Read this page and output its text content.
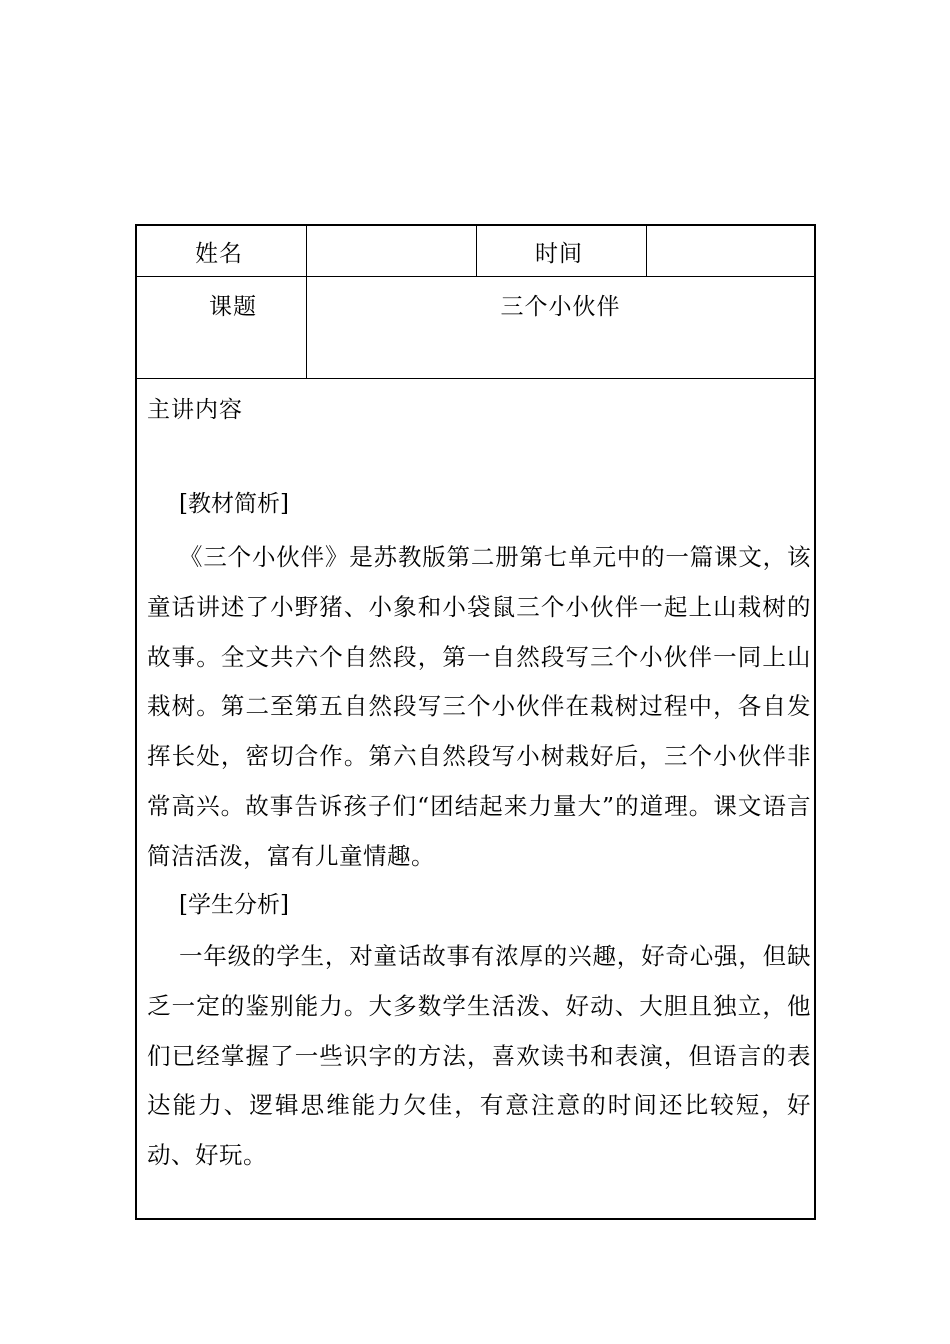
姓名	时间
课题	三个小伙伴
主讲内容
[教材简析]
《三个小伙伴》是苏教版第二册第七单元中的一篇课文，该童话讲述了小野猪、小象和小袋鼠三个小伙伴一起上山栽树的故事。全文共六个自然段，第一自然段写三个小伙伴一同上山栽树。第二至第五自然段写三个小伙伴在栽树过程中，各自发挥长处，密切合作。第六自然段写小树栽好后，三个小伙伴非常高兴。故事告诉孩子们“团结起来力量大”的道理。课文语言简洁活泼，富有儿童情趣。
[学生分析]
一年级的学生，对童话故事有浓厚的兴趣，好奇心强，但缺乏一定的鉴别能力。大多数学生活泼、好动、大胆且独立，他们已经掌握了一些识字的方法，喜欢读书和表演，但语言的表达能力、逻辑思维能力欠佳，有意注意的时间还比较短，好动、好玩。
